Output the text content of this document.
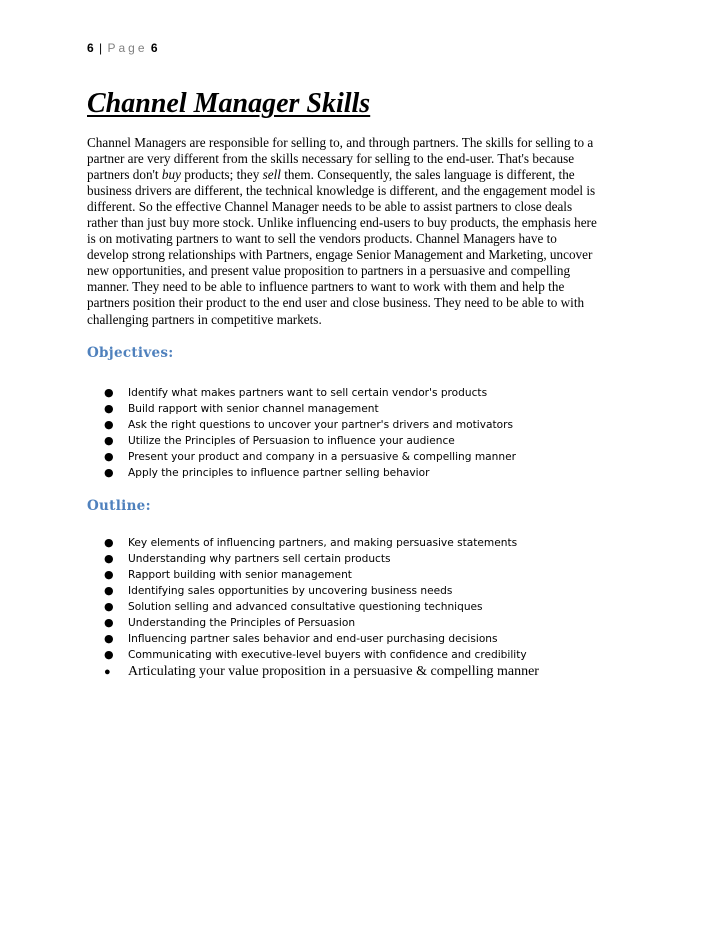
6 | Page 6
Channel Manager Skills

Channel Managers are responsible for selling to, and through partners. The skills for selling to a
partner are very different from the skills necessary for selling to the end-user. That's because
partners don't buy products; they sell them. Consequently, the sales language is different, the
business drivers are different, the technical knowledge is different, and the engagement model is
different. So the effective Channel Manager needs to be able to assist partners to close deals
rather than just buy more stock. Unlike influencing end-users to buy products, the emphasis here
is on motivating partners to want to sell the vendors products. Channel Managers have to
develop strong relationships with Partners, engage Senior Management and Marketing, uncover
new opportunities, and present value proposition to partners in a persuasive and compelling
manner. They need to be able to influence partners to want to work with them and help the
partners position their product to the end user and close business. They need to be able to with
challenging partners in competitive markets.

Objectives:
● Identify what makes partners want to sell certain vendor's products
● Build rapport with senior channel management
● Ask the right questions to uncover your partner's drivers and motivators
● Utilize the Principles of Persuasion to influence your audience
● Present your product and company in a persuasive & compelling manner
● Apply the principles to influence partner selling behavior
Outline:
● Key elements of influencing partners, and making persuasive statements
● Understanding why partners sell certain products
● Rapport building with senior management
● Identifying sales opportunities by uncovering business needs
● Solution selling and advanced consultative questioning techniques
● Understanding the Principles of Persuasion
● Influencing partner sales behavior and end-user purchasing decisions
● Communicating with executive-level buyers with confidence and credibility
● Articulating your value proposition in a persuasive & compelling manner
